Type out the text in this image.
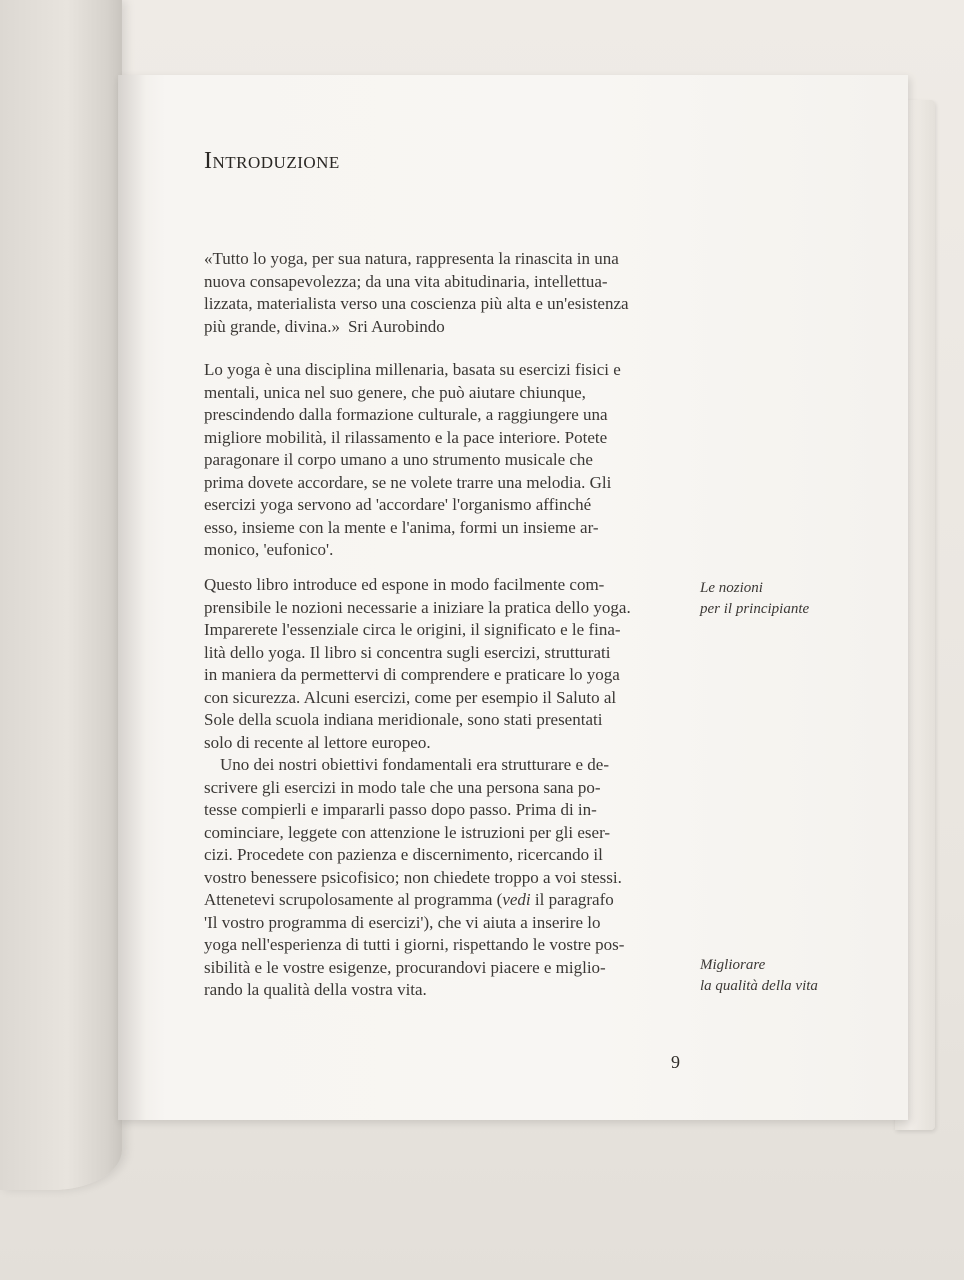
Introduzione
«Tutto lo yoga, per sua natura, rappresenta la rinascita in una
nuova consapevolezza; da una vita abitudinaria, intellettua-
lizzata, materialista verso una coscienza più alta e un'esistenza
più grande, divina.» Sri Aurobindo
Lo yoga è una disciplina millenaria, basata su esercizi fisici e
mentali, unica nel suo genere, che può aiutare chiunque,
prescindendo dalla formazione culturale, a raggiungere una
migliore mobilità, il rilassamento e la pace interiore. Potete
paragonare il corpo umano a uno strumento musicale che
prima dovete accordare, se ne volete trarre una melodia. Gli
esercizi yoga servono ad 'accordare' l'organismo affinché
esso, insieme con la mente e l'anima, formi un insieme ar-
monico, 'eufonico'.
Questo libro introduce ed espone in modo facilmente com-
prensibile le nozioni necessarie a iniziare la pratica dello yoga.
Imparerete l'essenziale circa le origini, il significato e le fina-
lità dello yoga. Il libro si concentra sugli esercizi, strutturati
in maniera da permettervi di comprendere e praticare lo yoga
con sicurezza. Alcuni esercizi, come per esempio il Saluto al
Sole della scuola indiana meridionale, sono stati presentati
solo di recente al lettore europeo.
Uno dei nostri obiettivi fondamentali era strutturare e de-
scrivere gli esercizi in modo tale che una persona sana po-
tesse compierli e impararli passo dopo passo. Prima di in-
cominciare, leggete con attenzione le istruzioni per gli eser-
cizi. Procedete con pazienza e discernimento, ricercando il
vostro benessere psicofisico; non chiedete troppo a voi stessi.
Attenetevi scrupolosamente al programma (vedi il paragrafo
'Il vostro programma di esercizi'), che vi aiuta a inserire lo
yoga nell'esperienza di tutti i giorni, rispettando le vostre pos-
sibilità e le vostre esigenze, procurandovi piacere e miglio-
rando la qualità della vostra vita.
Le nozioni
per il principiante
Migliorare
la qualità della vita
9
